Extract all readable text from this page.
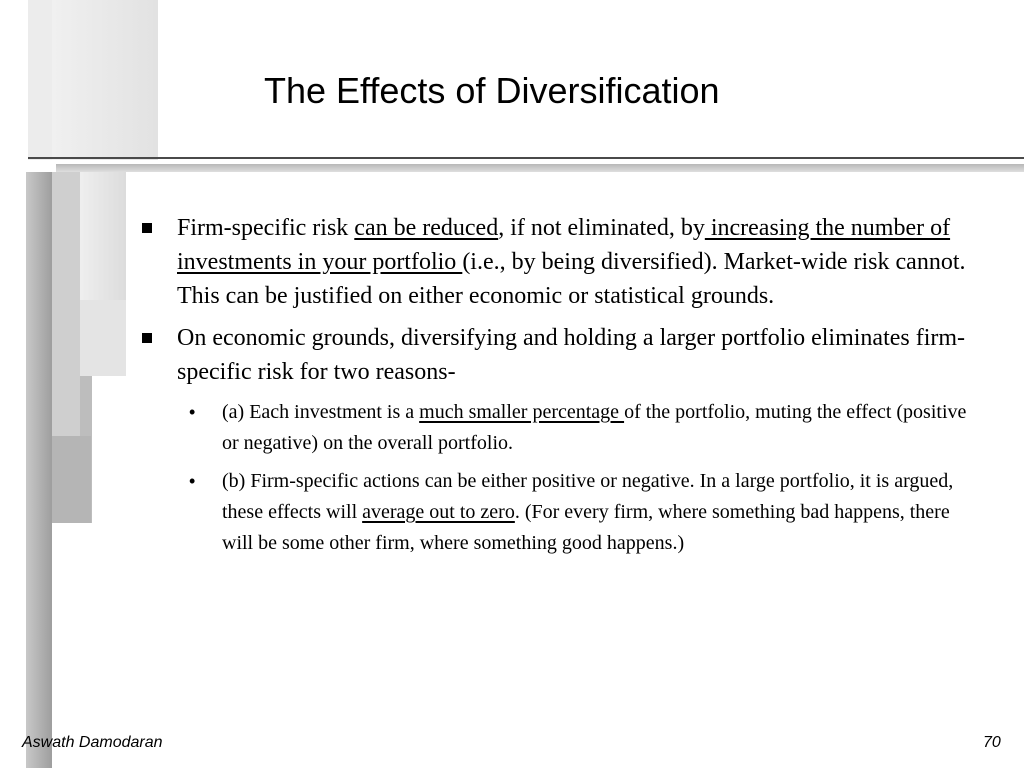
The Effects of Diversification
Firm-specific risk can be reduced, if not eliminated, by increasing the number of investments in your portfolio (i.e., by being diversified). Market-wide risk cannot. This can be justified on either economic or statistical grounds.
On economic grounds, diversifying and holding a larger portfolio eliminates firm-specific risk for two reasons-
• (a) Each investment is a much smaller percentage of the portfolio, muting the effect (positive or negative) on the overall portfolio.
• (b) Firm-specific actions can be either positive or negative. In a large portfolio, it is argued, these effects will average out to zero. (For every firm, where something bad happens, there will be some other firm, where something good happens.)
Aswath Damodaran	70
